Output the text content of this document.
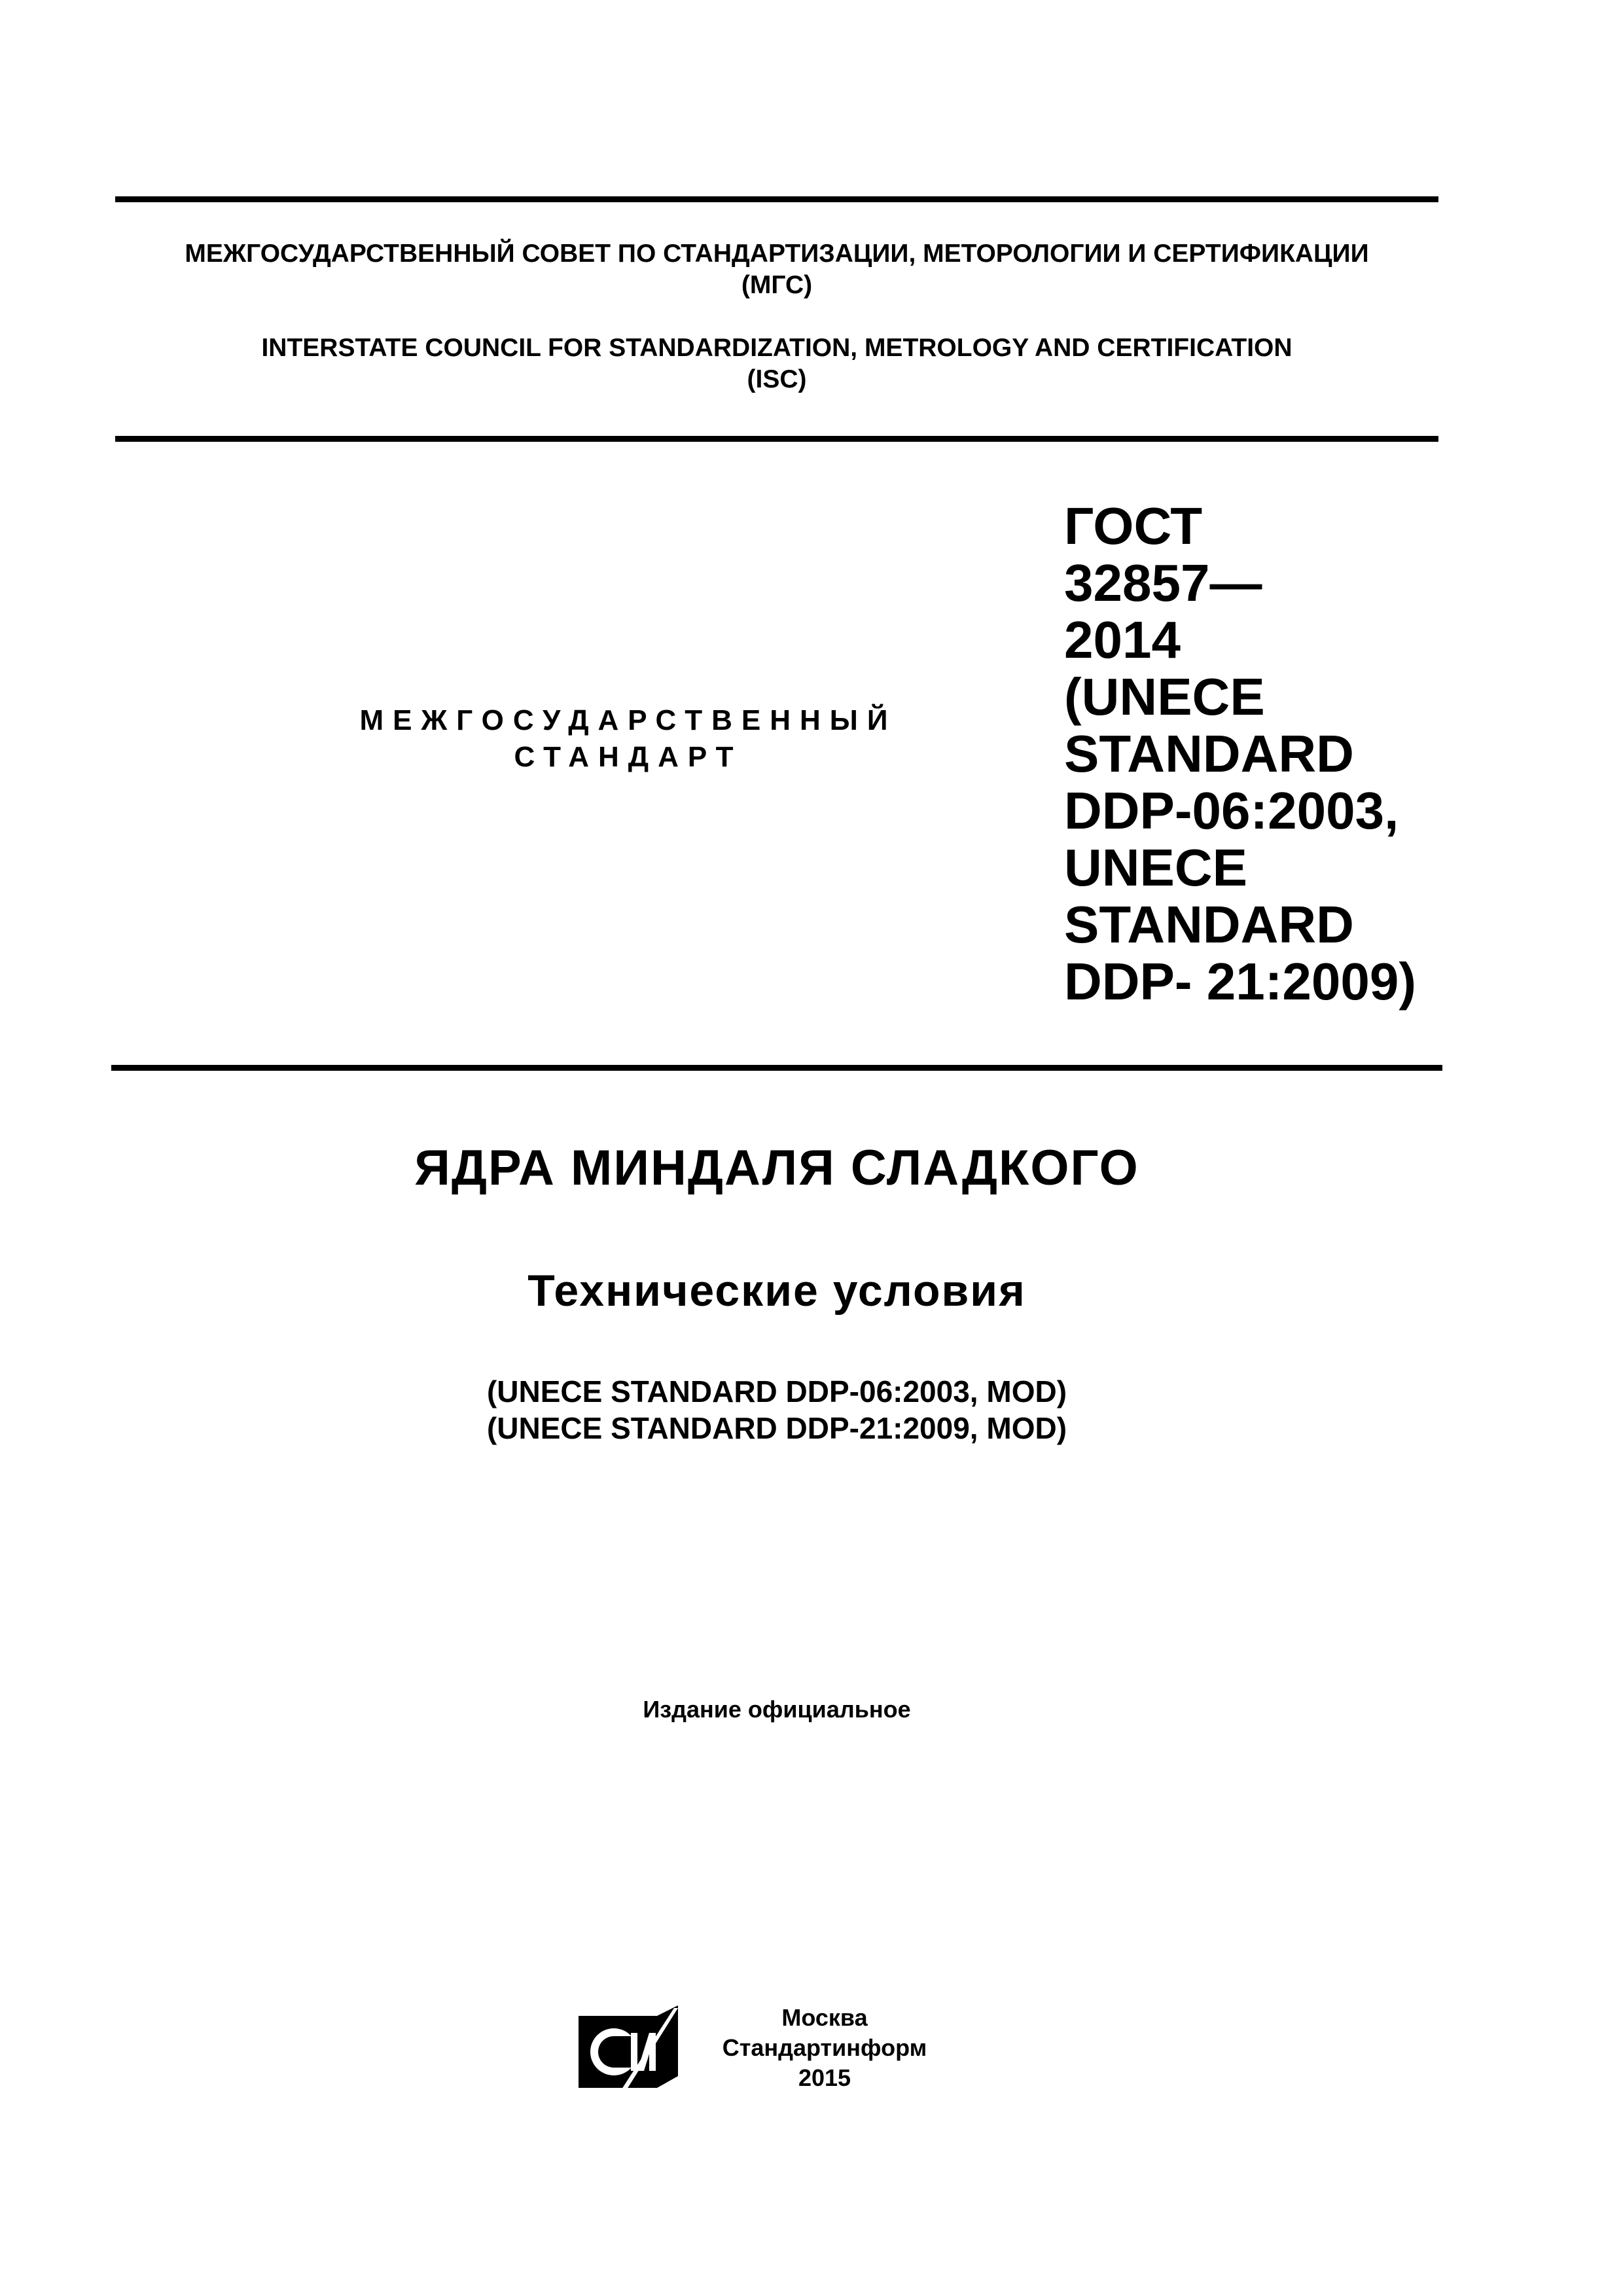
МЕЖГОСУДАРСТВЕННЫЙ СОВЕТ ПО СТАНДАРТИЗАЦИИ, МЕТОРОЛОГИИ И СЕРТИФИКАЦИИ
(МГС)
INTERSTATE COUNCIL FOR STANDARDIZATION, METROLOGY AND CERTIFICATION
(ISC)
МЕЖГОСУДАРСТВЕННЫЙ
СТАНДАРТ
ГОСТ
32857—
2014
(UNECE
STANDARD
DDP-06:2003,
UNECE
STANDARD
DDP- 21:2009)
ЯДРА МИНДАЛЯ СЛАДКОГО
Технические условия
(UNECE STANDARD DDP-06:2003, MOD)
(UNECE STANDARD DDP-21:2009, MOD)
Издание официальное
Москва
Стандартинформ
2015
